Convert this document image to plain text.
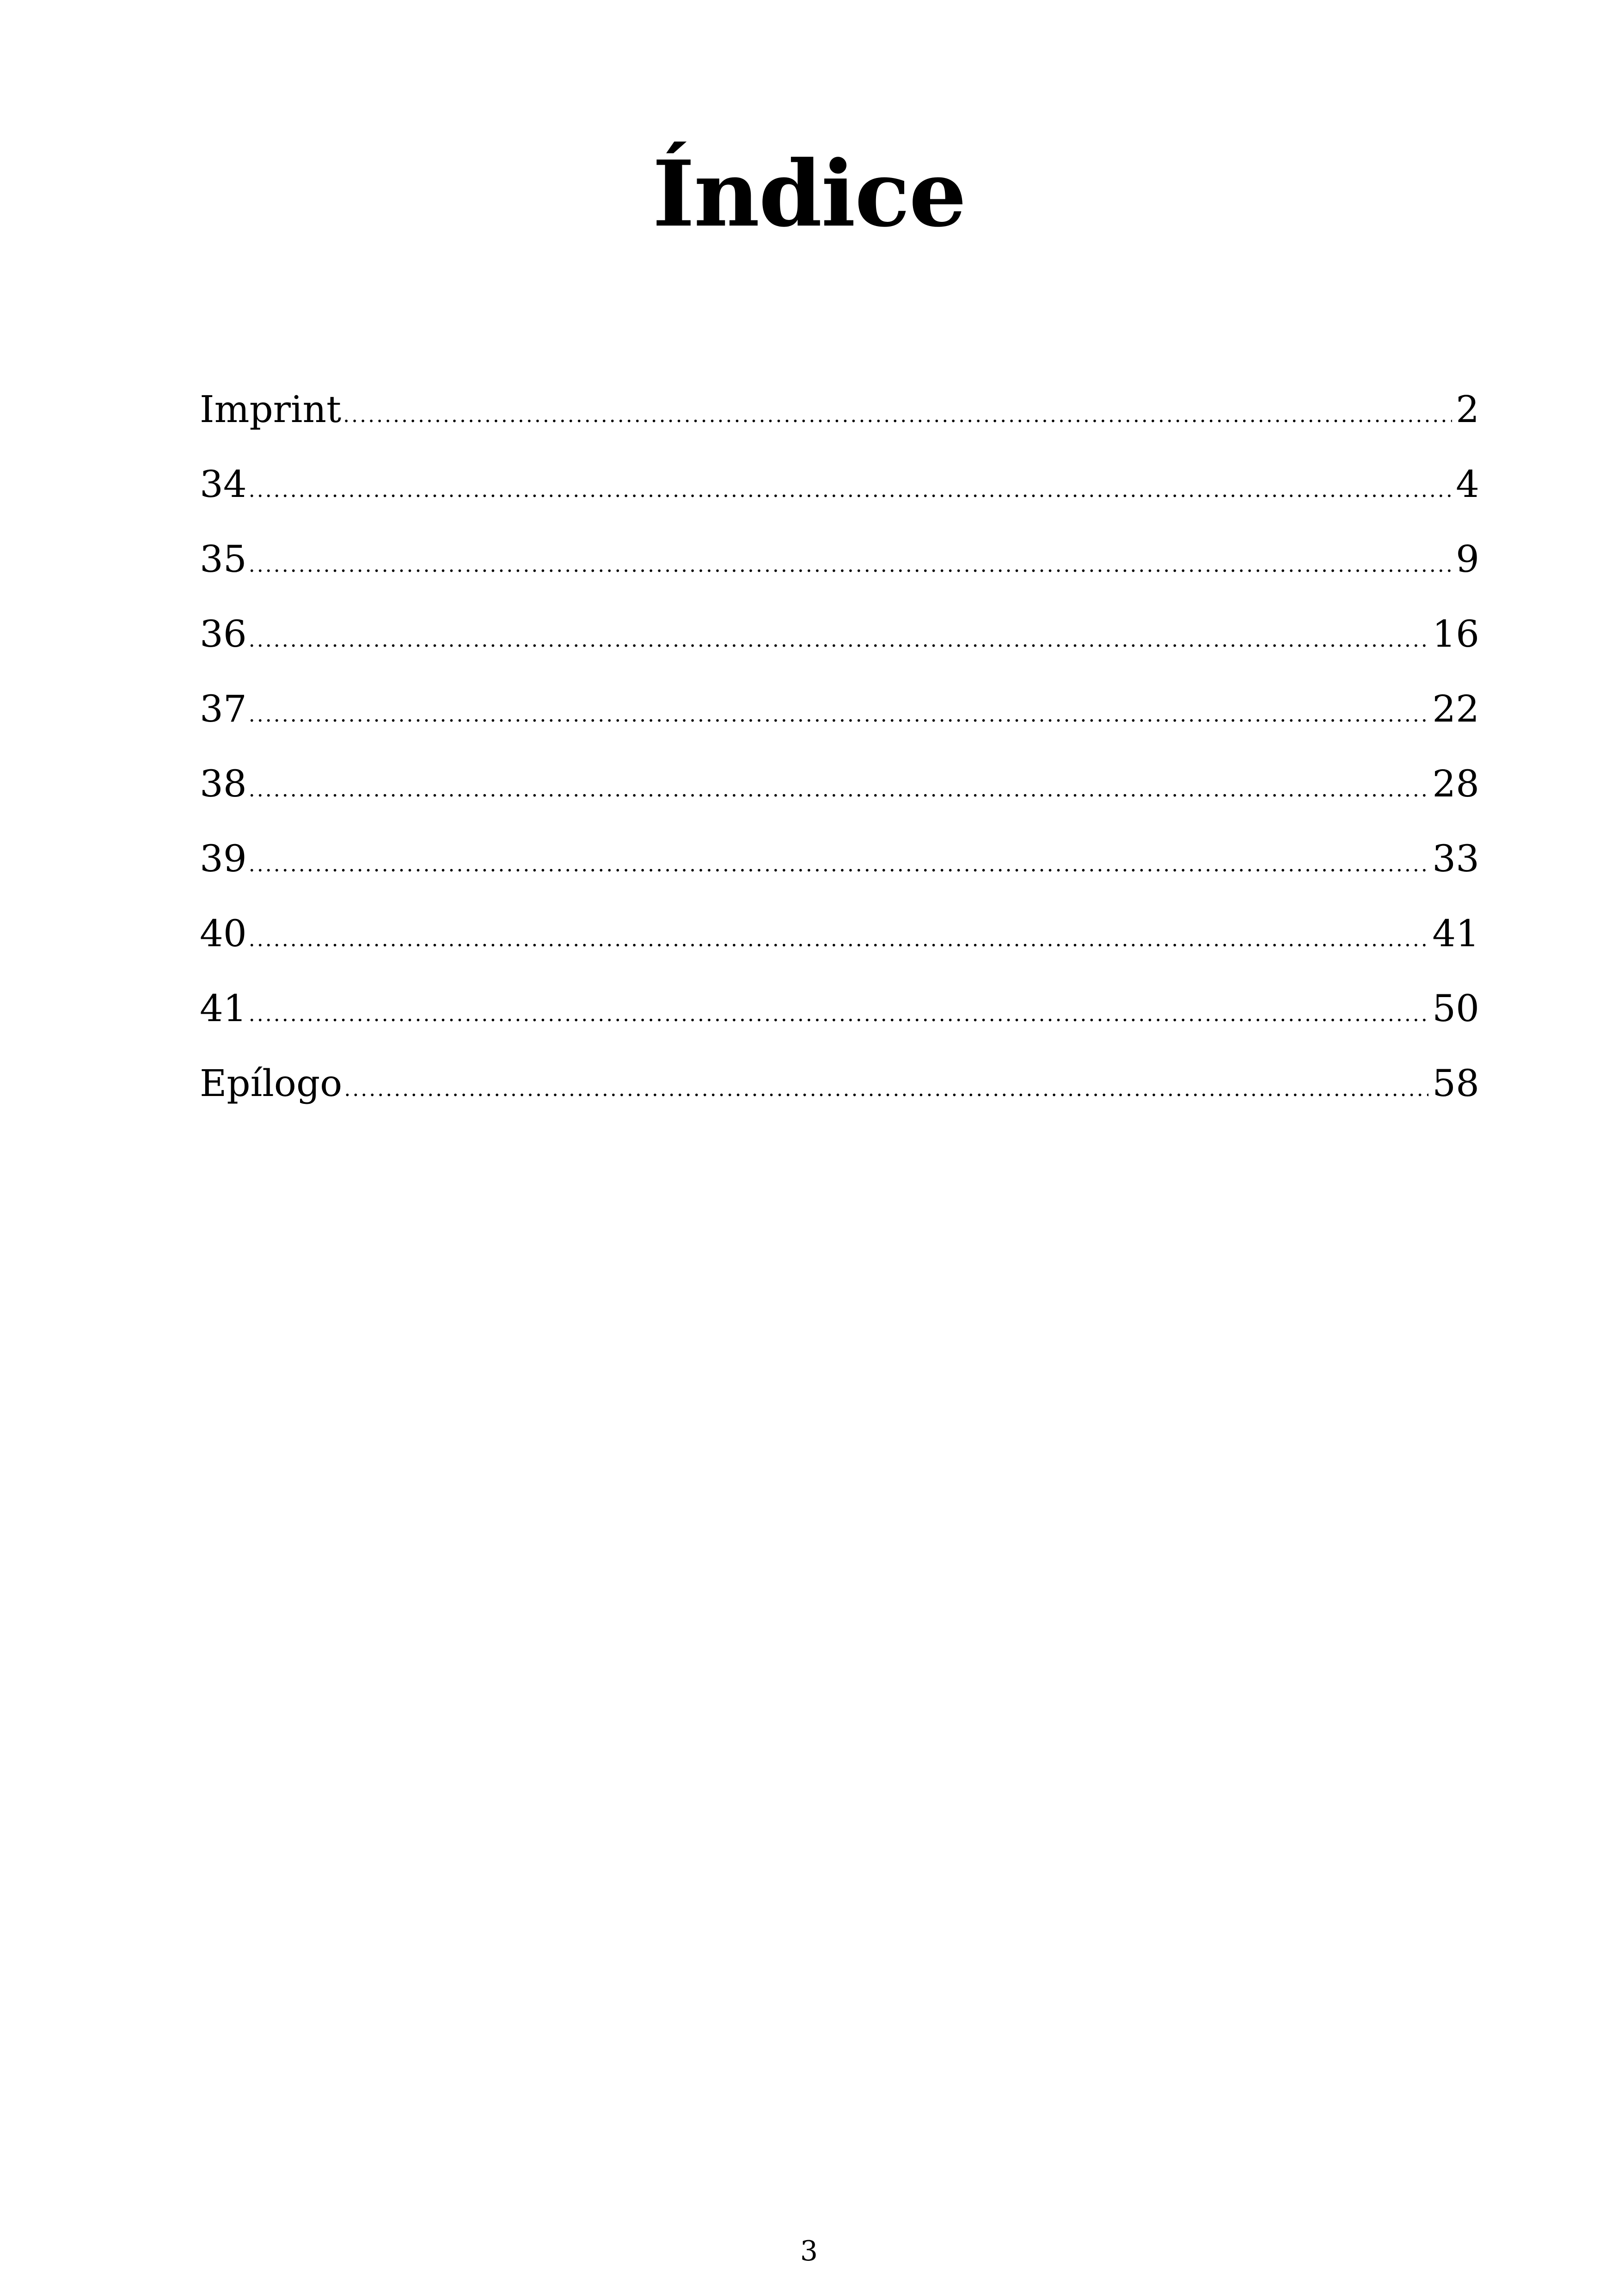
Índice
Imprint .....	2
34 .....	4
35 .....	9
36 .....	16
37 .....	22
38 .....	28
39 .....	33
40 .....	41
41 .....	50
Epílogo .....	58
3
